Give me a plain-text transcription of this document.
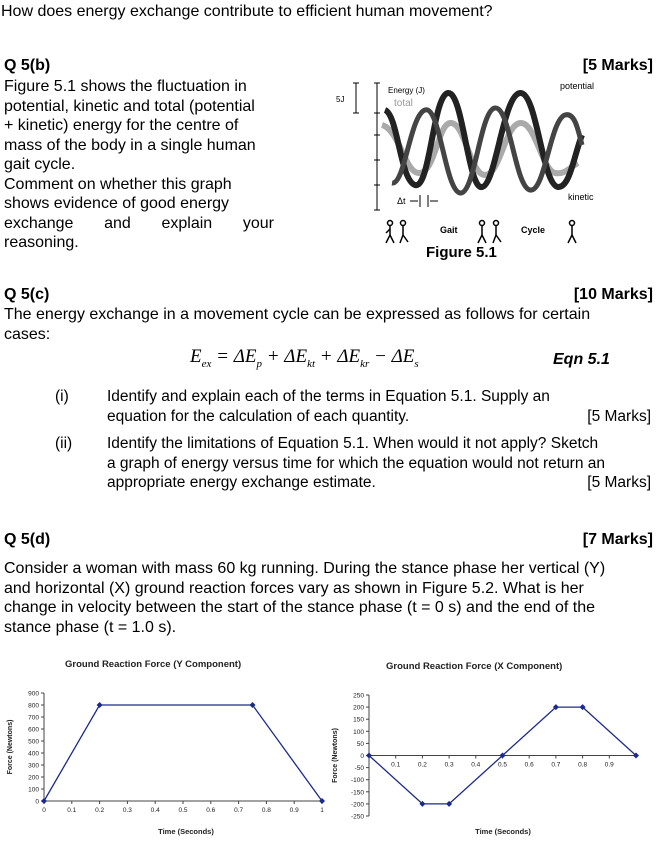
How does energy exchange contribute to efficient human movement?
Q 5(b)	[5 Marks]
Figure 5.1 shows the fluctuation in
potential, kinetic and total (potential
+ kinetic) energy for the centre of
mass of the body in a single human
gait cycle.
Comment on whether this graph
shows evidence of good energy
exchange and explain your
reasoning.
5J
Energy (J)
total
potential
kinetic
Δt
Gait	Cycle
Figure 5.1
Q 5(c)	[10 Marks]
The energy exchange in a movement cycle can be expressed as follows for certain
cases:
$E_{ex} = \Delta E_p + \Delta E_{kt} + \Delta E_{kr} - \Delta E_s$	Eqn 5.1
(i) Identify and explain each of the terms in Equation 5.1. Supply an
equation for the calculation of each quantity.	[5 Marks]
(ii) Identify the limitations of Equation 5.1. When would it not apply? Sketch
a graph of energy versus time for which the equation would not return an
appropriate energy exchange estimate.	[5 Marks]
Q 5(d)	[7 Marks]
Consider a woman with mass 60 kg running. During the stance phase her vertical (Y)
and horizontal (X) ground reaction forces vary as shown in Figure 5.2. What is her
change in velocity between the start of the stance phase (t = 0 s) and the end of the
stance phase (t = 1.0 s).
Ground Reaction Force (Y Component)
0
100
200
300
400
500
600
700
800
900
0	0.1	0.2	0.3	0.4	0.5	0.6	0.7	0.8	0.9	1
Time (Seconds)
Force (Newtons)
Ground Reaction Force (X Component)
-250
-200
-150
-100
-50
0
50
100
150
200
250
0.1	0.2	0.3	0.4	0.5	0.6	0.7	0.8	0.9
Time (Seconds)
Force (Newtons)
